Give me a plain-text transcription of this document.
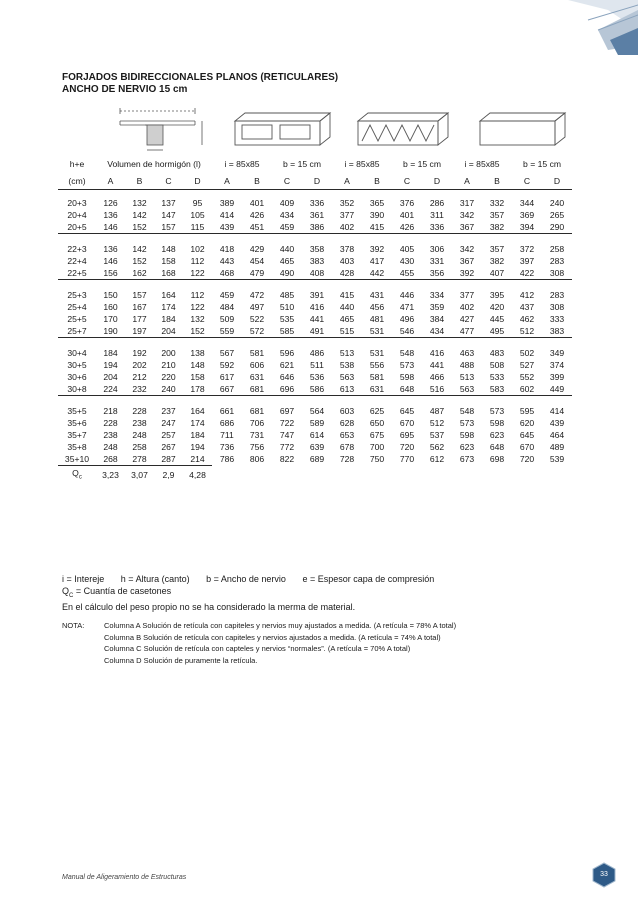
FORJADOS BIDIRECCIONALES PLANOS (RETICULARES)

ANCHO DE NERVIO 15 cm

h+e	Volumen de hormigón (l)				i = 85x85		b = 15 cm		i = 85x85		b = 15 cm		i = 85x85		b = 15 cm	
(cm)	A	B	C	D	A	B	C	D	A	B	C	D	A	B	C	D

20+3	126	132	137	95	389	401	409	336	352	365	376	286	317	332	344	240
20+4	136	142	147	105	414	426	434	361	377	390	401	311	342	357	369	265
20+5	146	152	157	115	439	451	459	386	402	415	426	336	367	382	394	290

22+3	136	142	148	102	418	429	440	358	378	392	405	306	342	357	372	258
22+4	146	152	158	112	443	454	465	383	403	417	430	331	367	382	397	283
22+5	156	162	168	122	468	479	490	408	428	442	455	356	392	407	422	308

25+3	150	157	164	112	459	472	485	391	415	431	446	334	377	395	412	283
25+4	160	167	174	122	484	497	510	416	440	456	471	359	402	420	437	308
25+5	170	177	184	132	509	522	535	441	465	481	496	384	427	445	462	333
25+7	190	197	204	152	559	572	585	491	515	531	546	434	477	495	512	383

30+4	184	192	200	138	567	581	596	486	513	531	548	416	463	483	502	349
30+5	194	202	210	148	592	606	621	511	538	556	573	441	488	508	527	374
30+6	204	212	220	158	617	631	646	536	563	581	598	466	513	533	552	399
30+8	224	232	240	178	667	681	696	586	613	631	648	516	563	583	602	449

35+5	218	228	237	164	661	681	697	564	603	625	645	487	548	573	595	414
35+6	228	238	247	174	686	706	722	589	628	650	670	512	573	598	620	439
35+7	238	248	257	184	711	731	747	614	653	675	695	537	598	623	645	464
35+8	248	258	267	194	736	756	772	639	678	700	720	562	623	648	670	489
35+10	268	278	287	214	786	806	822	689	728	750	770	612	673	698	720	539
$Q_c$	3,23	3,07	2,9	4,28												

i = Intereje h = Altura (canto) b = Ancho de nervio e = Espesor capa de compresión

$Q_C$ = Cuantía de casetones

En el cálculo del peso propio no se ha considerado la merma de material.

NOTA:	Columna A Solución de retícula con capiteles y nervios muy ajustados a medida. (A retícula = 78% A total)

Columna B Solución de retícula con capiteles y nervios ajustados a medida. (A retícula = 74% A total)

Columna C Solución de retícula con capteles y nervios “normales”. (A retícula = 70% A total)

Columna D Solución de puramente la retícula.

Manual de Aligeramiento de Estructuras	33
